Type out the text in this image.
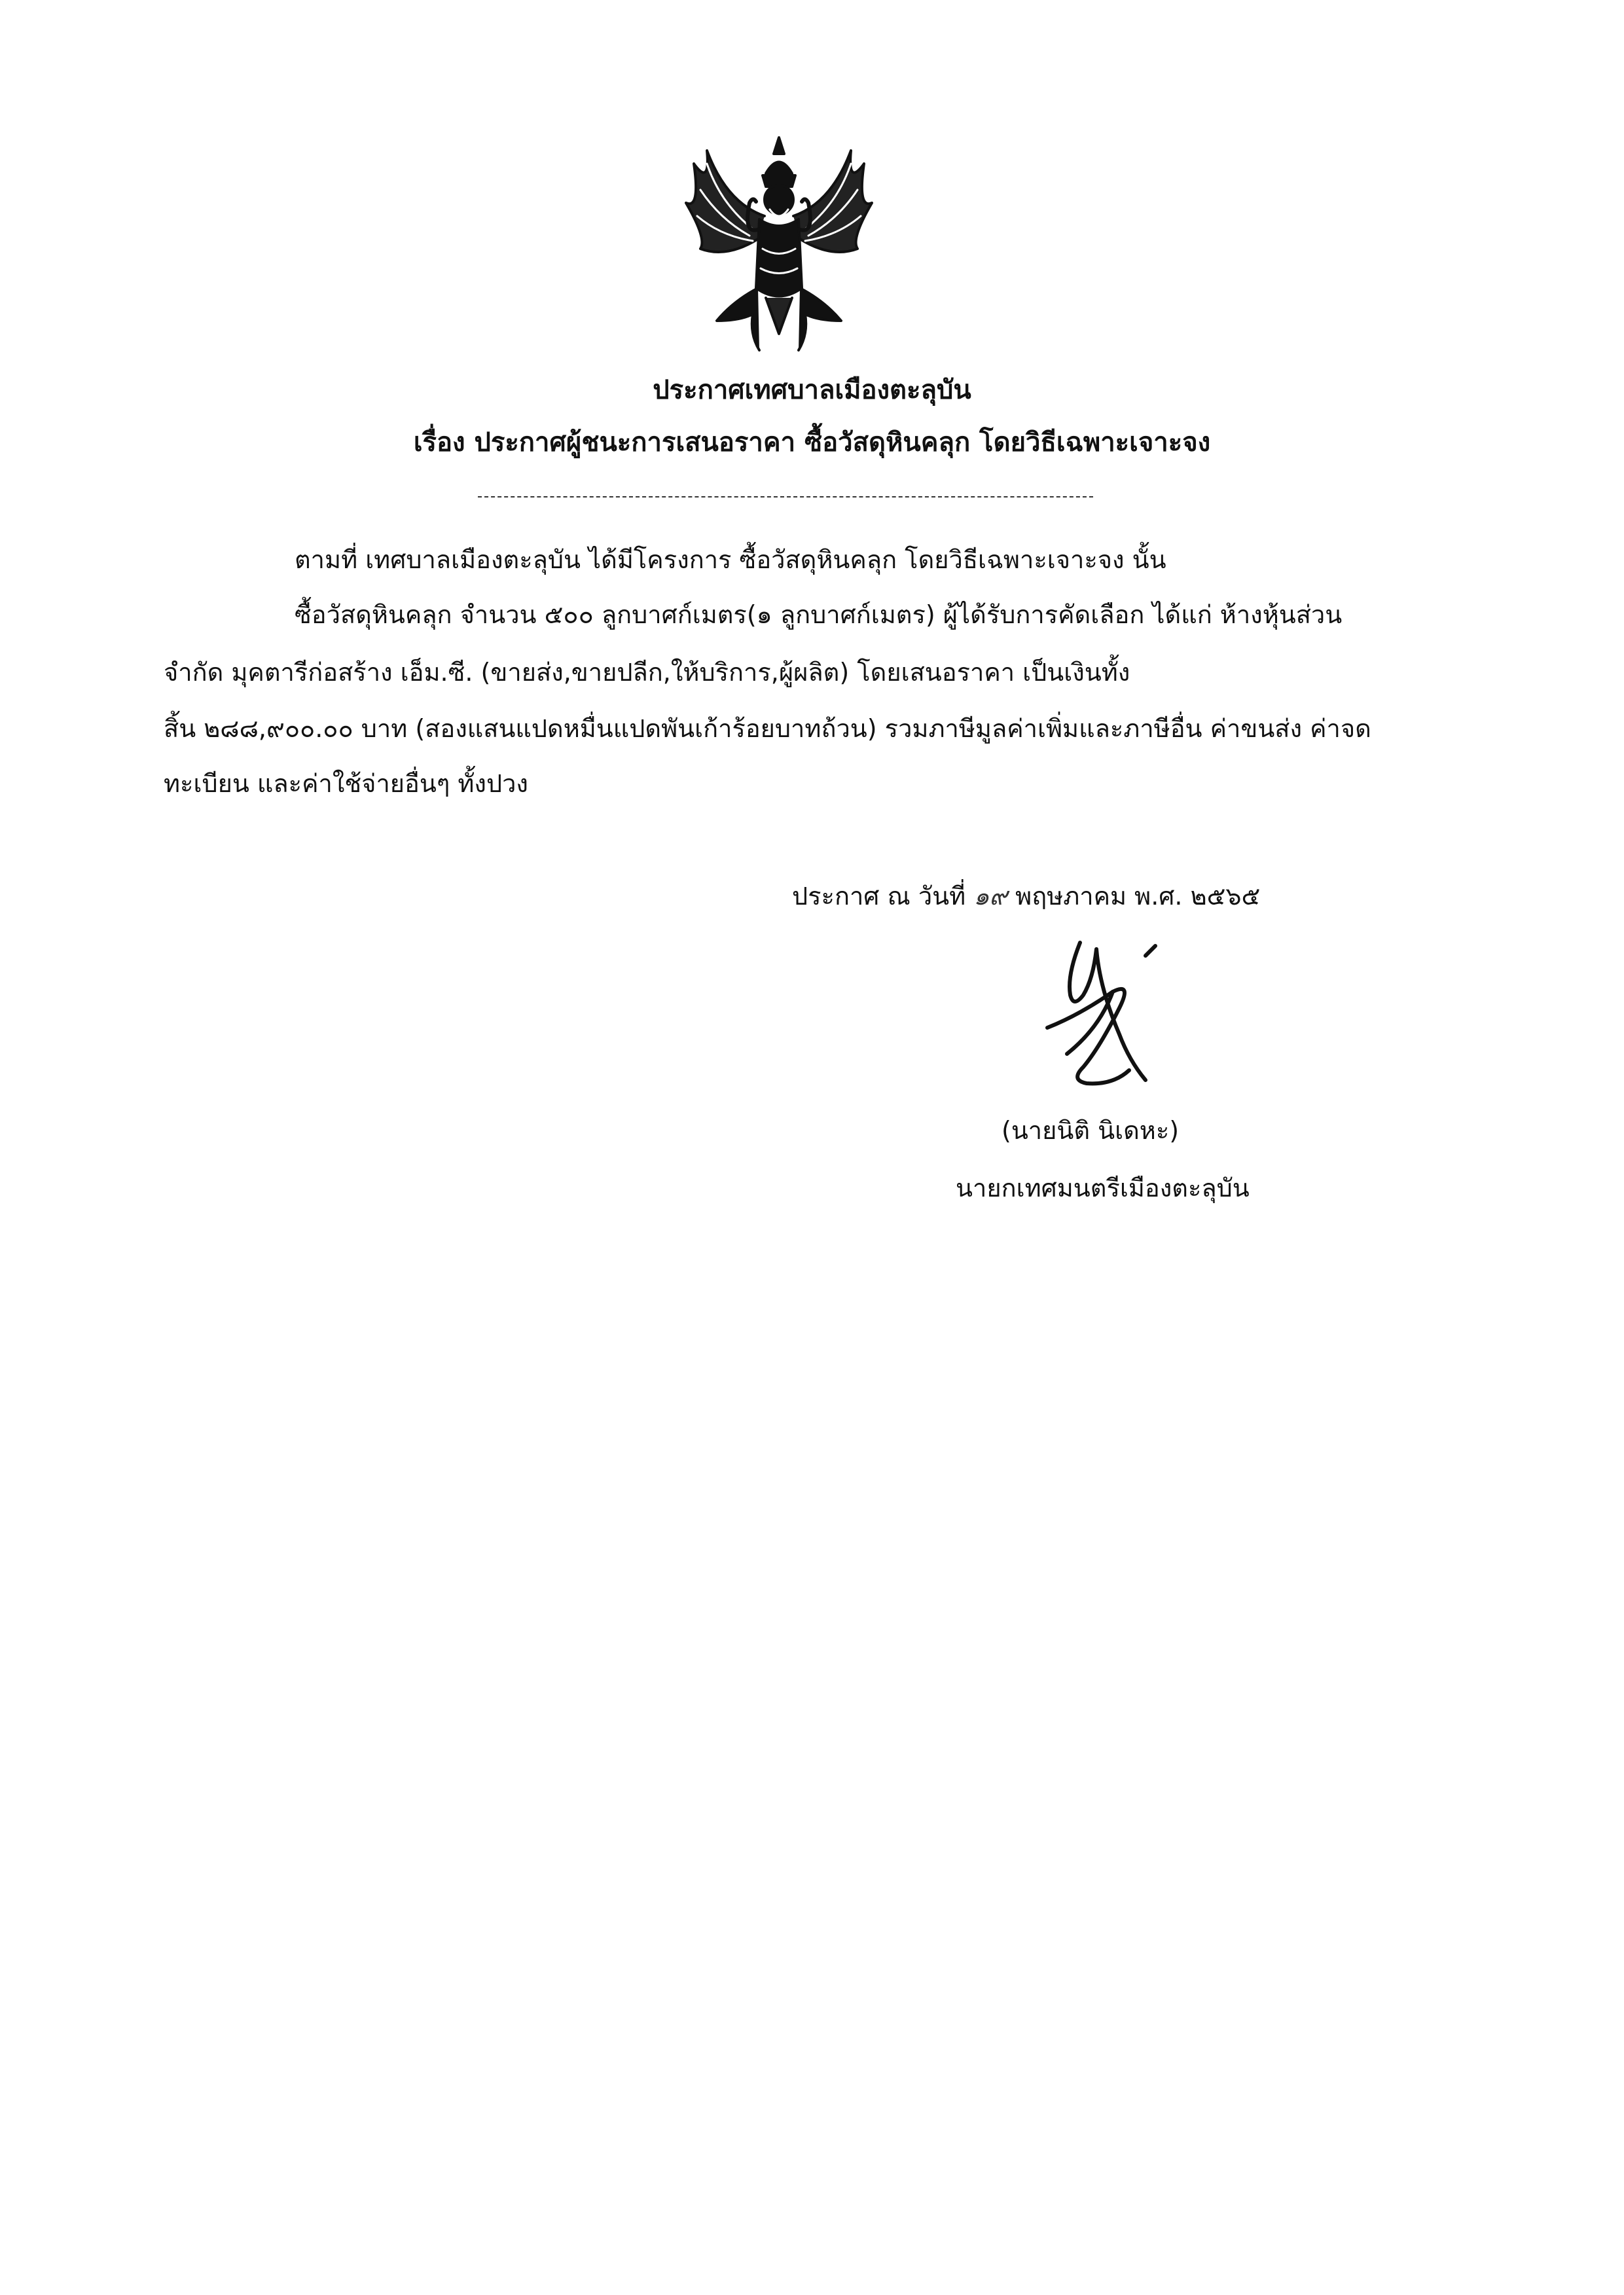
ประกาศเทศบาลเมืองตะลุบัน
เรื่อง ประกาศผู้ชนะการเสนอราคา ซื้อวัสดุหินคลุก โดยวิธีเฉพาะเจาะจง
ตามที่ เทศบาลเมืองตะลุบัน ได้มีโครงการ ซื้อวัสดุหินคลุก โดยวิธีเฉพาะเจาะจง นั้น
ซื้อวัสดุหินคลุก จำนวน ๕๐๐ ลูกบาศก์เมตร(๑ ลูกบาศก์เมตร) ผู้ได้รับการคัดเลือก ได้แก่ ห้างหุ้นส่วน
จำกัด มุคตารีก่อสร้าง เอ็ม.ซี. (ขายส่ง,ขายปลีก,ให้บริการ,ผู้ผลิต) โดยเสนอราคา เป็นเงินทั้ง
สิ้น ๒๘๘,๙๐๐.๐๐ บาท (สองแสนแปดหมื่นแปดพันเก้าร้อยบาทถ้วน) รวมภาษีมูลค่าเพิ่มและภาษีอื่น ค่าขนส่ง ค่าจด
ทะเบียน และค่าใช้จ่ายอื่นๆ ทั้งปวง
ประกาศ ณ วันที่ ๑๙ พฤษภาคม พ.ศ. ๒๕๖๕
(นายนิติ นิเดหะ)
นายกเทศมนตรีเมืองตะลุบัน
